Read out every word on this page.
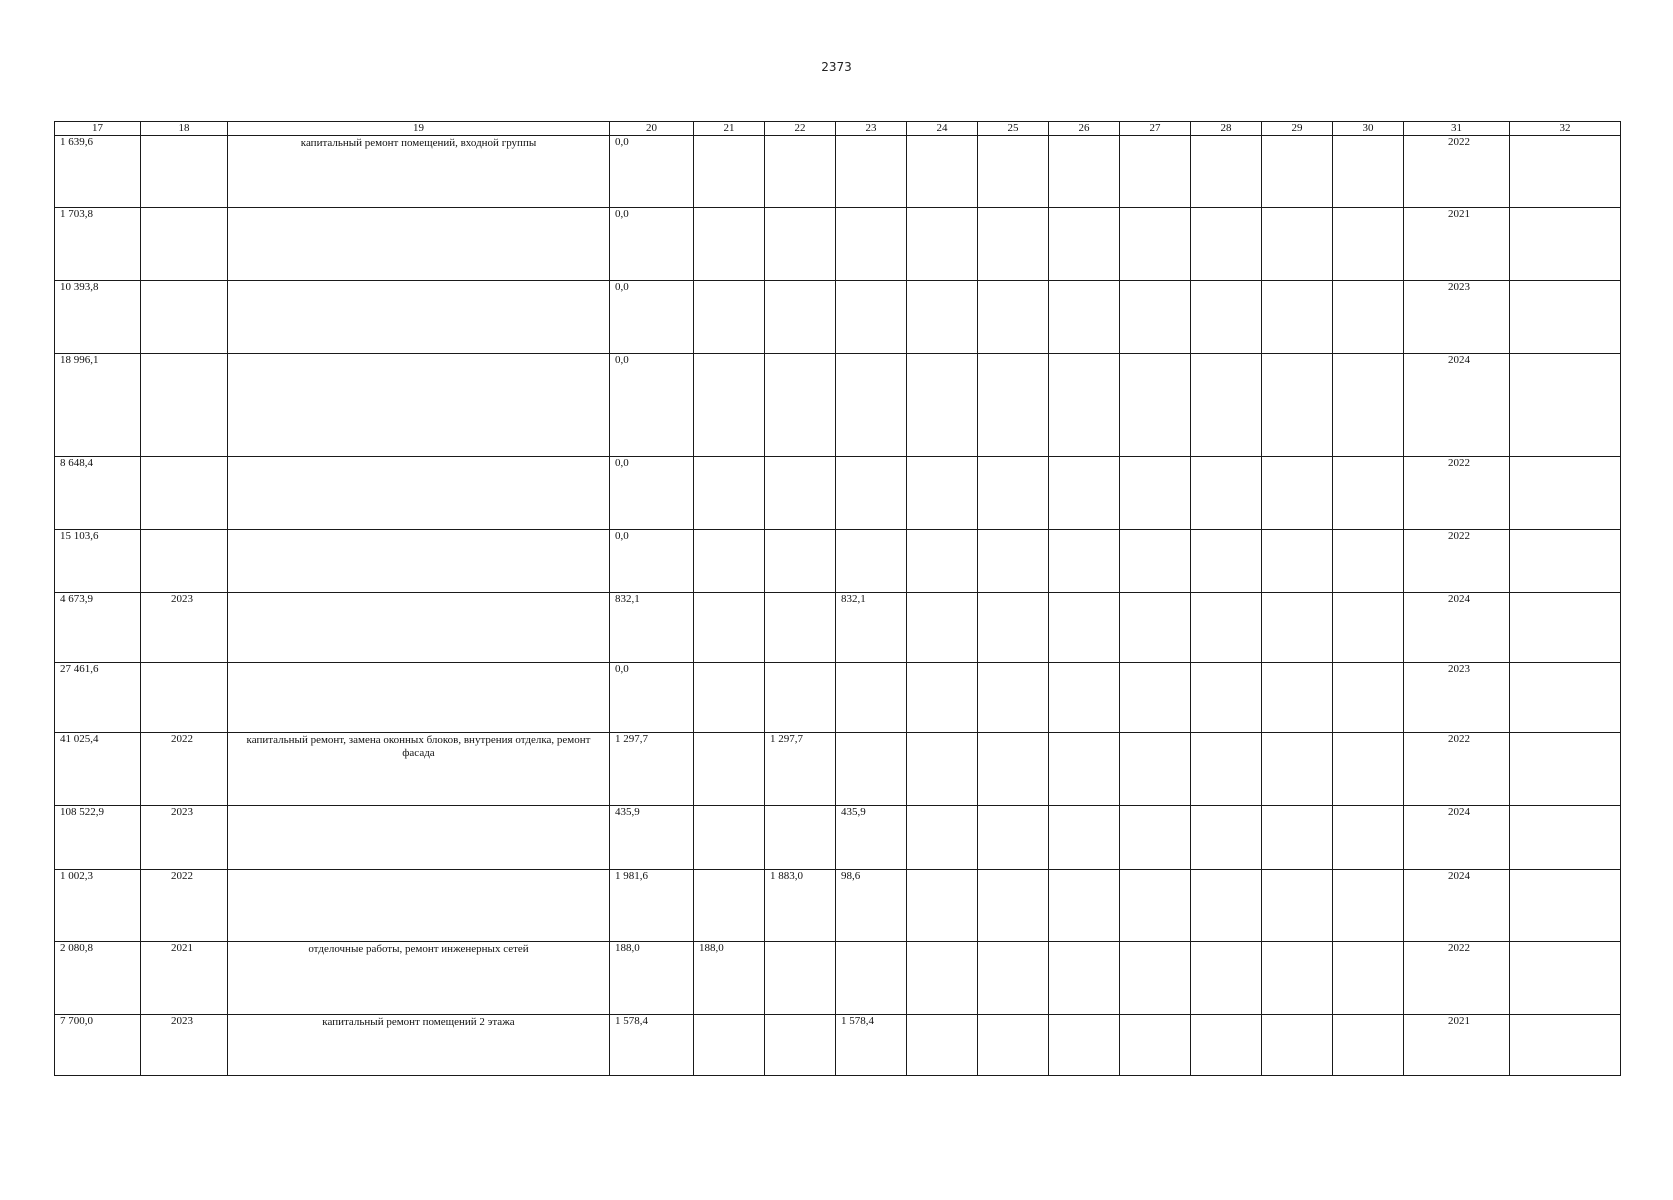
2373
17	18	19	20	21	22	23	24	25	26	27	28	29	30	31	32
1 639,6		капитальный ремонт помещений, входной группы	0,0											2022	
1 703,8			0,0											2021	
10 393,8			0,0											2023	
18 996,1			0,0											2024	
8 648,4			0,0											2022	
15 103,6			0,0											2022	
4 673,9	2023		832,1			832,1								2024	
27 461,6			0,0											2023	
41 025,4	2022	капитальный ремонт, замена оконных блоков, внутрения отделка, ремонт фасада	1 297,7		1 297,7									2022	
108 522,9	2023		435,9			435,9								2024	
1 002,3	2022		1 981,6		1 883,0	98,6								2024	
2 080,8	2021	отделочные работы, ремонт инженерных сетей	188,0	188,0										2022	
7 700,0	2023	капитальный ремонт помещений 2 этажа	1 578,4			1 578,4								2021	
